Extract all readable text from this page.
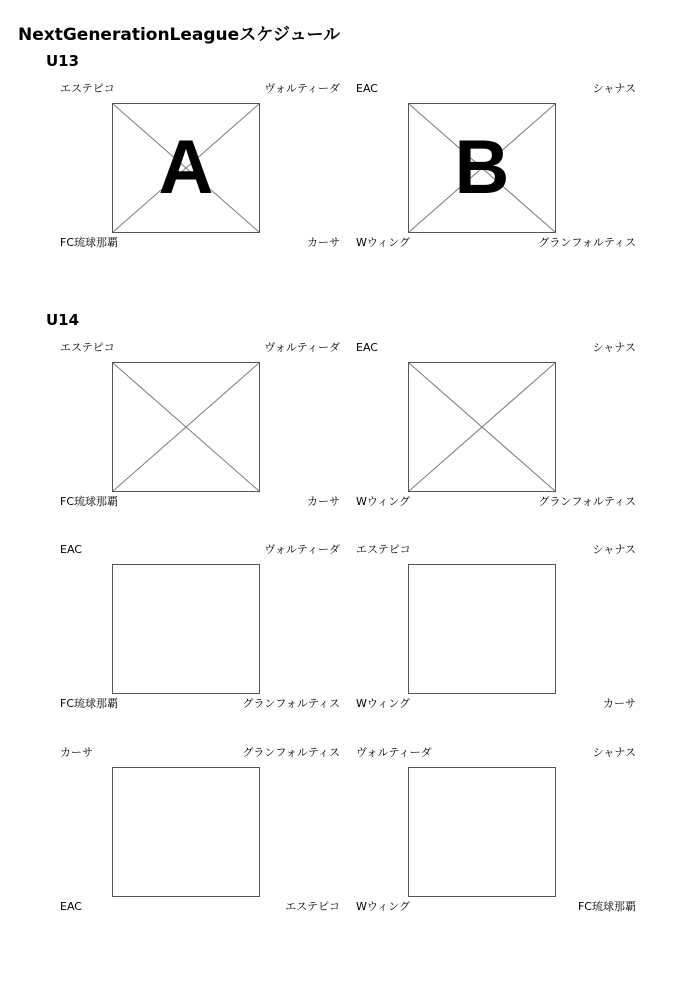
NextGenerationLeagueスケジュール
U13
エステピコ	ヴォルティーダ
A
FC琉球那覇	カーサ
EAC	シャナス
B
Wウィング	グランフォルティス
U14
エステピコ	ヴォルティーダ
FC琉球那覇	カーサ
EAC	シャナス
Wウィング	グランフォルティス
EAC	ヴォルティーダ
FC琉球那覇	グランフォルティス
エステピコ	シャナス
Wウィング	カーサ
カーサ	グランフォルティス
EAC	エステピコ
ヴォルティーダ	シャナス
Wウィング	FC琉球那覇
